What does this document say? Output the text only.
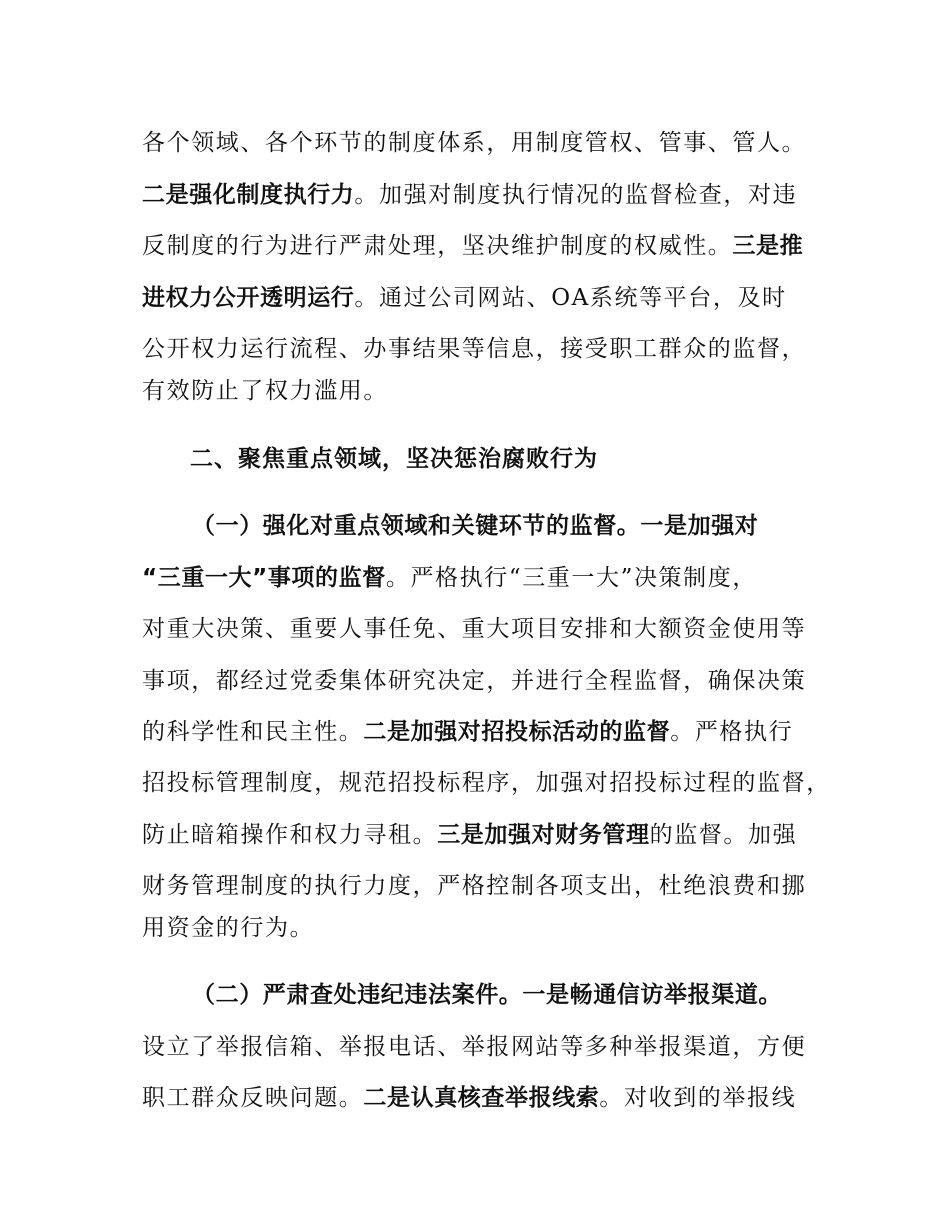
各个领域、各个环节的制度体系，用制度管权、管事、管人。
二是强化制度执行力。加强对制度执行情况的监督检查，对违
反制度的行为进行严肃处理，坚决维护制度的权威性。三是推
进权力公开透明运行。通过公司网站、OA系统等平台，及时
公开权力运行流程、办事结果等信息，接受职工群众的监督，
有效防止了权力滥用。
二、聚焦重点领域，坚决惩治腐败行为
（一）强化对重点领域和关键环节的监督。一是加强对
“三重一大”事项的监督。严格执行“三重一大”决策制度，
对重大决策、重要人事任免、重大项目安排和大额资金使用等
事项，都经过党委集体研究决定，并进行全程监督，确保决策
的科学性和民主性。二是加强对招投标活动的监督。严格执行
招投标管理制度，规范招投标程序，加强对招投标过程的监督，
防止暗箱操作和权力寻租。三是加强对财务管理的监督。加强
财务管理制度的执行力度，严格控制各项支出，杜绝浪费和挪
用资金的行为。
（二）严肃查处违纪违法案件。一是畅通信访举报渠道。
设立了举报信箱、举报电话、举报网站等多种举报渠道，方便
职工群众反映问题。二是认真核查举报线索。对收到的举报线
